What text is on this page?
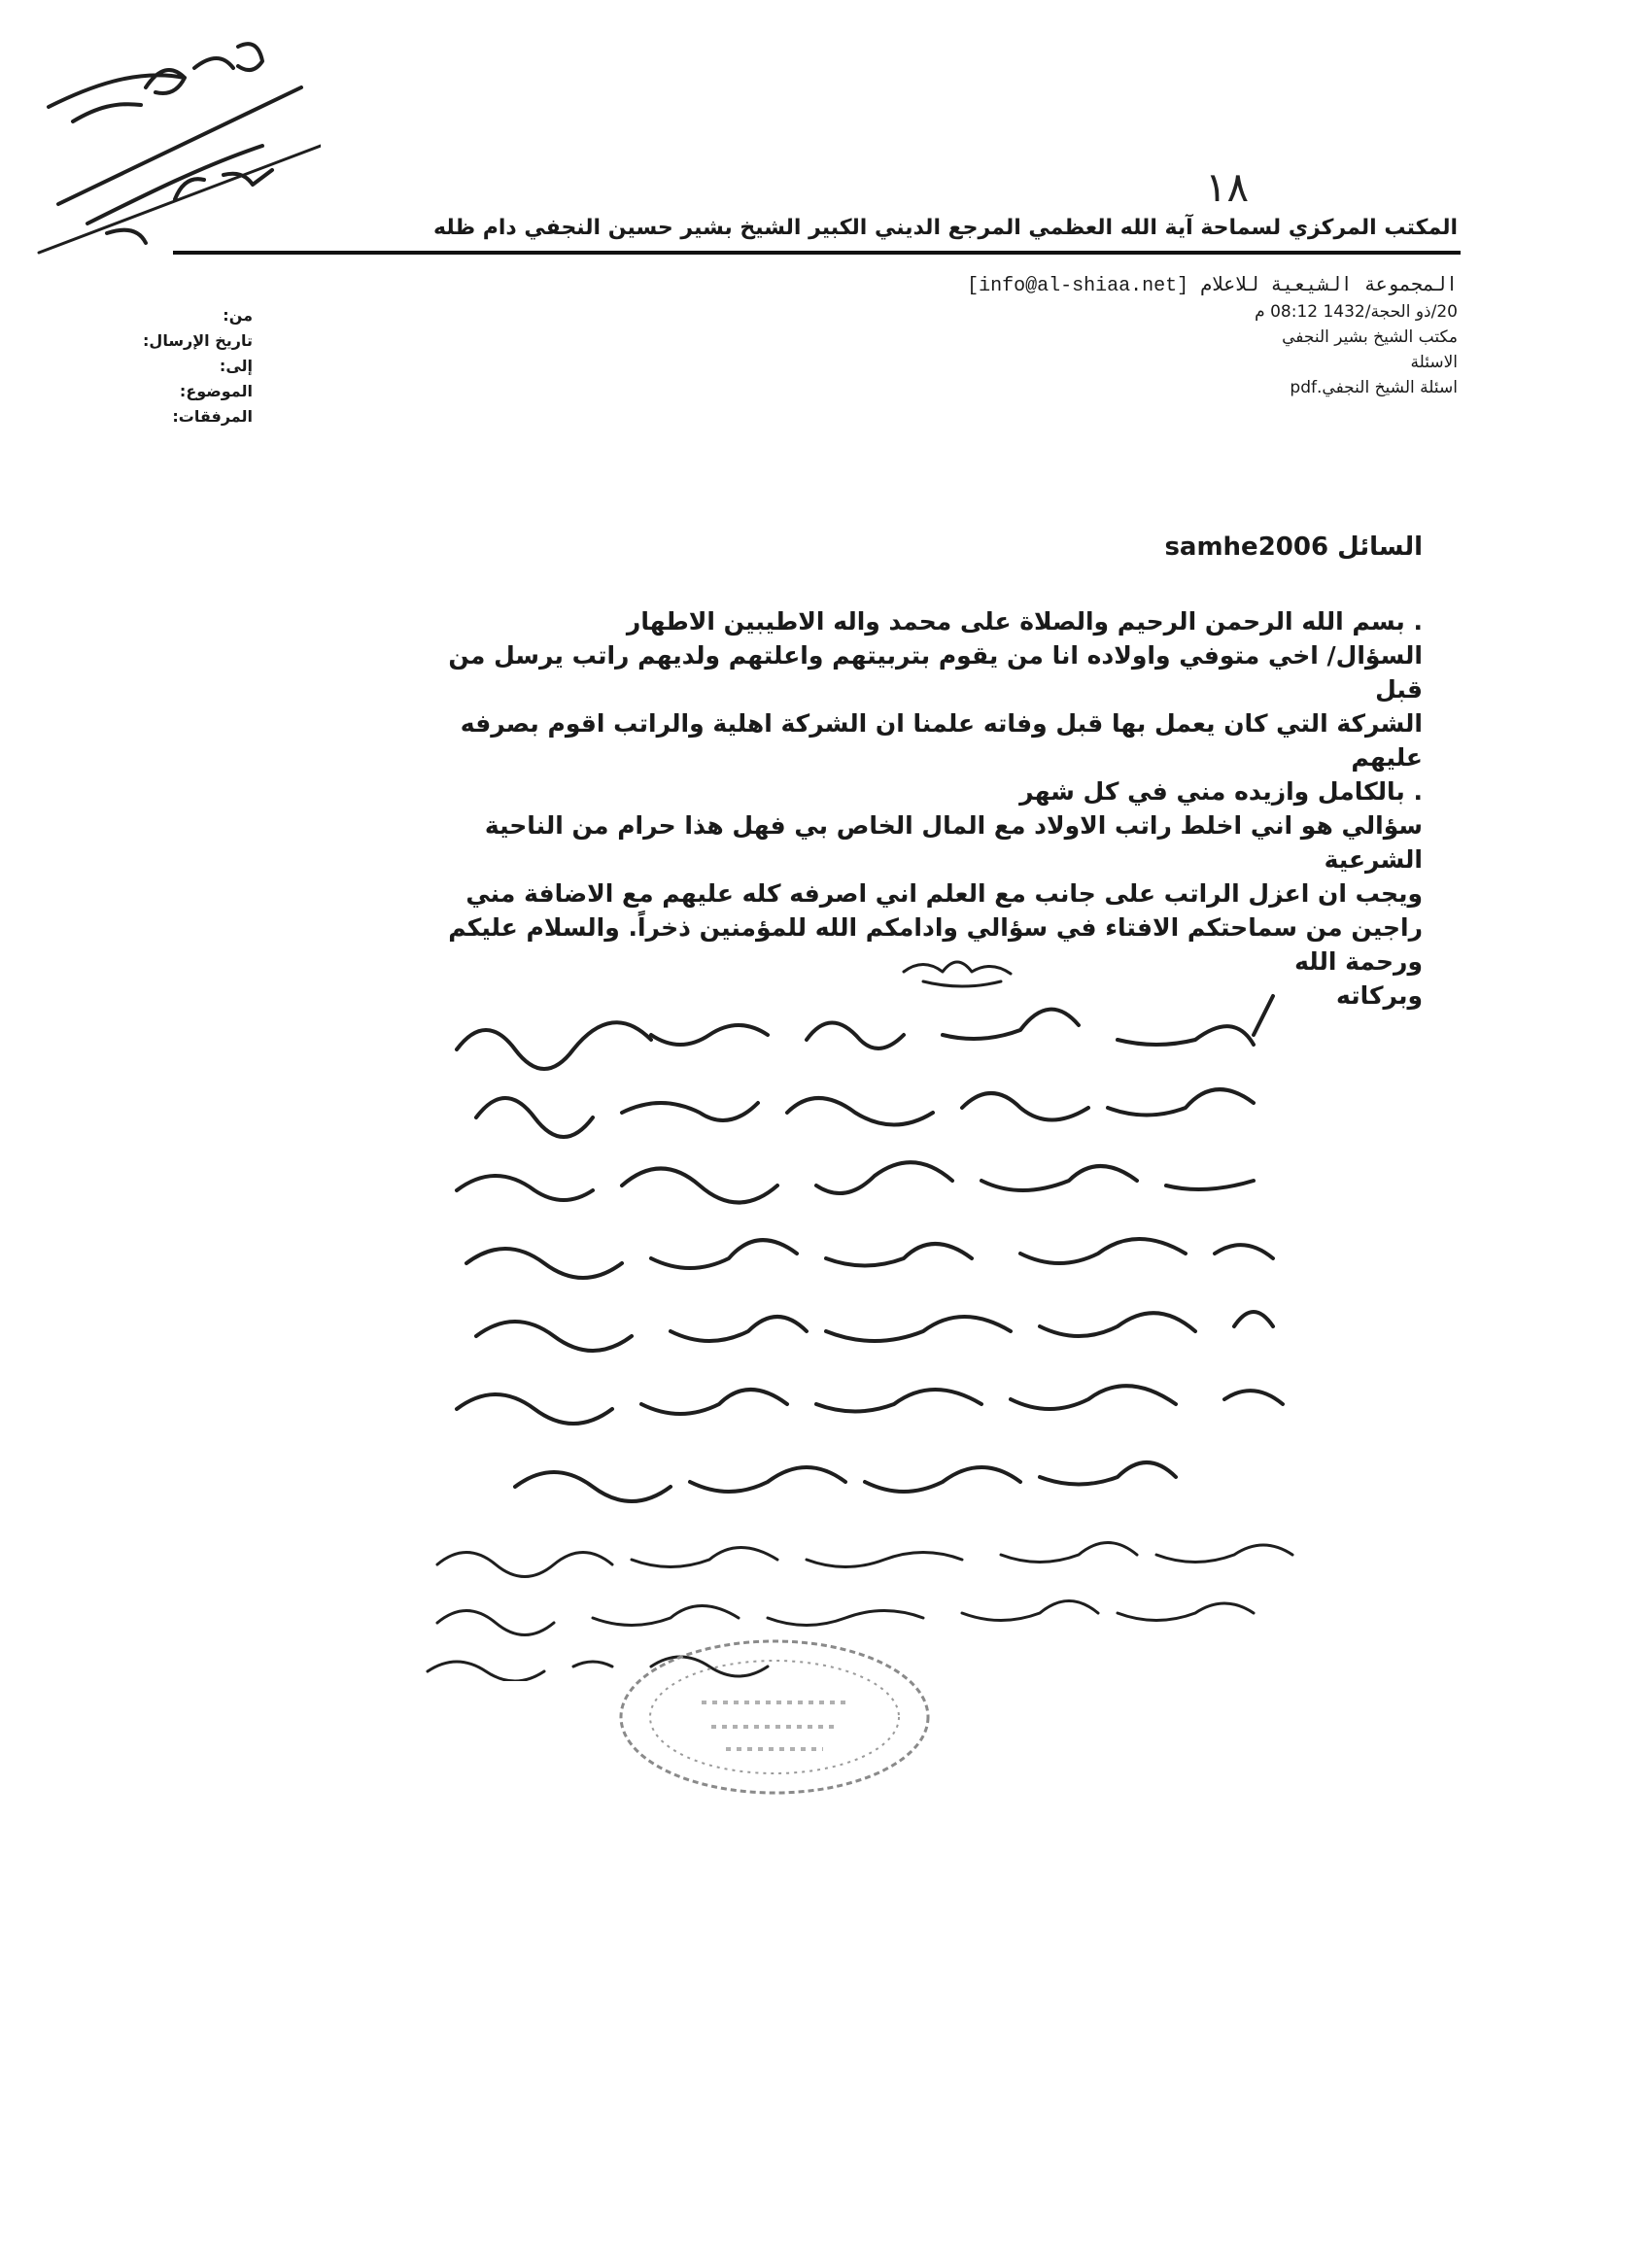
١٨
المكتب المركزي لسماحة آية الله العظمي المرجع الديني الكبير الشيخ بشير حسين النجفي دام ظله
من:
تاريخ الإرسال:
إلى:
الموضوع:
المرفقات:
المجموعة الشيعية للاعلام [info@al-shiaa.net]
20/ذو الحجة/1432 08:12 م
مكتب الشيخ بشير النجفي
الاسئلة
اسئلة الشيخ النجفي.pdf
السائل samhe2006
. بسم الله الرحمن الرحيم والصلاة على محمد واله الاطيبين الاطهار
السؤال/ اخي متوفي واولاده انا من يقوم بتربيتهم واعلتهم ولديهم راتب يرسل من قبل
الشركة التي كان يعمل بها قبل وفاته علمنا ان الشركة اهلية والراتب اقوم بصرفه عليهم
. بالكامل وازيده مني في كل شهر
سؤالي هو اني اخلط راتب الاولاد مع المال الخاص بي فهل هذا حرام من الناحية الشرعية
ويجب ان اعزل الراتب على جانب مع العلم اني اصرفه كله عليهم مع الاضافة مني
راجين من سماحتكم الافتاء في سؤالي وادامكم الله للمؤمنين ذخراً. والسلام عليكم ورحمة الله
وبركاته
